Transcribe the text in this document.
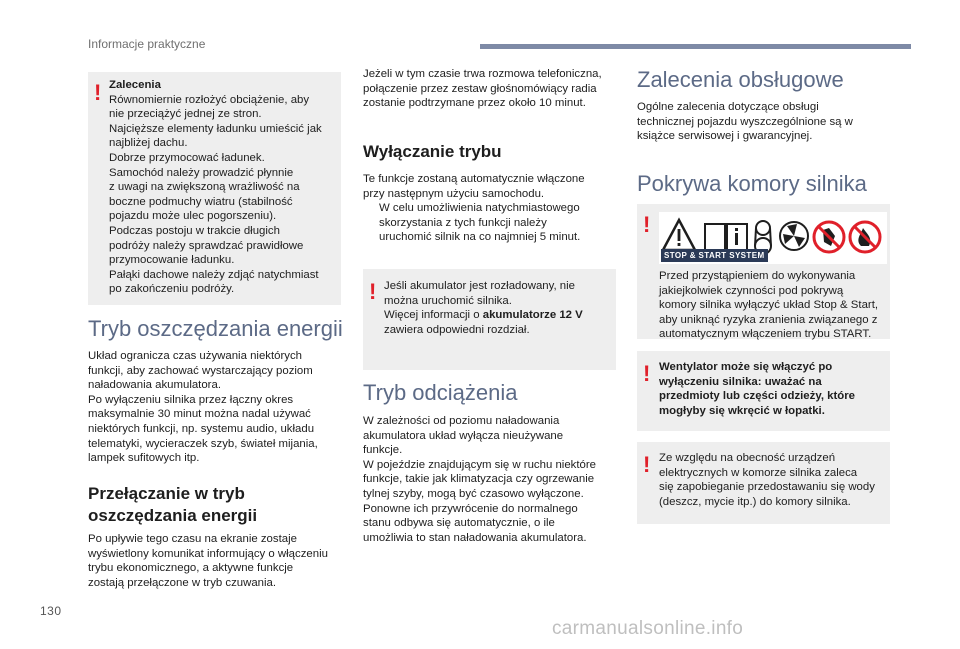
Informacje praktyczne
! Zalecenia
Równomiernie rozłożyć obciążenie, aby
nie przeciążyć jednej ze stron.
Najcięższe elementy ładunku umieścić jak
najbliżej dachu.
Dobrze przymocować ładunek.
Samochód należy prowadzić płynnie
z uwagi na zwiększoną wrażliwość na
boczne podmuchy wiatru (stabilność
pojazdu może ulec pogorszeniu).
Podczas postoju w trakcie długich
podróży należy sprawdzać prawidłowe
przymocowanie ładunku.
Pałąki dachowe należy zdjąć natychmiast
po zakończeniu podróży.
Tryb oszczędzania energii
Układ ogranicza czas używania niektórych
funkcji, aby zachować wystarczający poziom
naładowania akumulatora.
Po wyłączeniu silnika przez łączny okres
maksymalnie 30 minut można nadal używać
niektórych funkcji, np. systemu audio, układu
telematyki, wycieraczek szyb, świateł mijania,
lampek sufitowych itp.
Przełączanie w tryb
oszczędzania energii
Po upływie tego czasu na ekranie zostaje
wyświetlony komunikat informujący o włączeniu
trybu ekonomicznego, a aktywne funkcje
zostają przełączone w tryb czuwania.
Jeżeli w tym czasie trwa rozmowa telefoniczna,
połączenie przez zestaw głośnomówiący radia
zostanie podtrzymane przez około 10 minut.
Wyłączanie trybu
Te funkcje zostaną automatycznie włączone
przy następnym użyciu samochodu.
W celu umożliwienia natychmiastowego
skorzystania z tych funkcji należy
uruchomić silnik na co najmniej 5 minut.
! Jeśli akumulator jest rozładowany, nie
można uruchomić silnika.
Więcej informacji o akumulatorze 12 V
zawiera odpowiedni rozdział.
Tryb odciążenia
W zależności od poziomu naładowania
akumulatora układ wyłącza nieużywane
funkcje.
W pojeździe znajdującym się w ruchu niektóre
funkcje, takie jak klimatyzacja czy ogrzewanie
tylnej szyby, mogą być czasowo wyłączone.
Ponowne ich przywrócenie do normalnego
stanu odbywa się automatycznie, o ile
umożliwia to stan naładowania akumulatora.
Zalecenia obsługowe
Ogólne zalecenia dotyczące obsługi
technicznej pojazdu wyszczególnione są w
książce serwisowej i gwarancyjnej.
Pokrywa komory silnika
!
STOP & START SYSTEM
Przed przystąpieniem do wykonywania
jakiejkolwiek czynności pod pokrywą
komory silnika wyłączyć układ Stop & Start,
aby uniknąć ryzyka zranienia związanego z
automatycznym włączeniem trybu START.
! Wentylator może się włączyć po
wyłączeniu silnika: uważać na
przedmioty lub części odzieży, które
mogłyby się wkręcić w łopatki.
! Ze względu na obecność urządzeń
elektrycznych w komorze silnika zaleca
się zapobieganie przedostawaniu się wody
(deszcz, mycie itp.) do komory silnika.
130
carmanualsonline.info
